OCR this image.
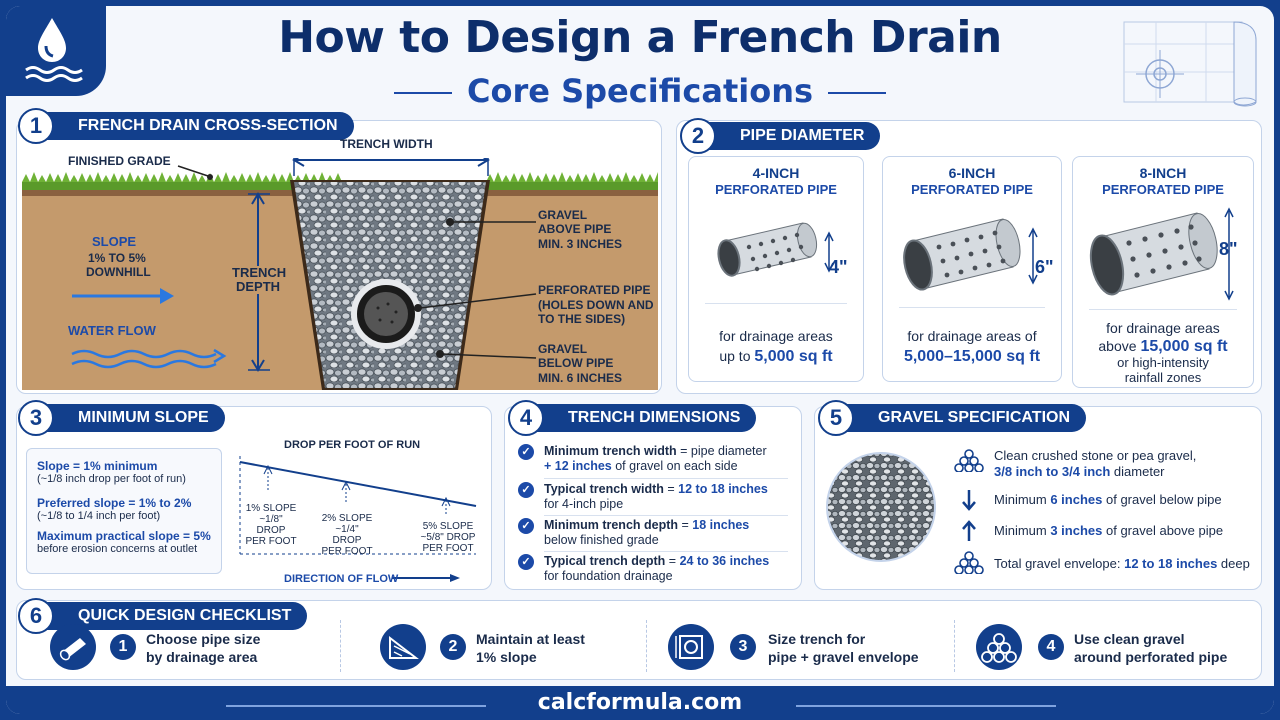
How to Design a French Drain
Core Specifications
FRENCH DRAIN CROSS-SECTION
1
FINISHED GRADE
TRENCH WIDTH
SLOPE
1% TO 5%
DOWNHILL
WATER FLOW
TRENCH
DEPTH
GRAVEL
ABOVE PIPE
MIN. 3 INCHES
PERFORATED PIPE
(HOLES DOWN AND
TO THE SIDES)
GRAVEL
BELOW PIPE
MIN. 6 INCHES
PIPE DIAMETER
2
4-INCH
PERFORATED PIPE
4"
for drainage areas
up to 5,000 sq ft
6-INCH
PERFORATED PIPE
6"
for drainage areas of
5,000–15,000 sq ft
8-INCH
PERFORATED PIPE
8"
for drainage areas
above 15,000 sq ft
or high-intensity rainfall zones
MINIMUM SLOPE
3
Slope = 1% minimum
(~1/8 inch drop per foot of run)
Preferred slope = 1% to 2%
(~1/8 to 1/4 inch per foot)
Maximum practical slope = 5%
before erosion concerns at outlet
DROP PER FOOT OF RUN
1% SLOPE
~1/8" DROP
PER FOOT
2% SLOPE
~1/4" DROP
PER FOOT
5% SLOPE
~5/8" DROP
PER FOOT
DIRECTION OF FLOW
TRENCH DIMENSIONS
4
✓ Minimum trench width = pipe diameter
+ 12 inches of gravel on each side
✓ Typical trench width = 12 to 18 inches
for 4-inch pipe
✓ Minimum trench depth = 18 inches
below finished grade
✓ Typical trench depth = 24 to 36 inches
for foundation drainage
GRAVEL SPECIFICATION
5
Clean crushed stone or pea gravel,
3/8 inch to 3/4 inch diameter
Minimum 6 inches of gravel below pipe
Minimum 3 inches of gravel above pipe
Total gravel envelope: 12 to 18 inches deep
QUICK DESIGN CHECKLIST
6
1	Choose pipe size
by drainage area
2	Maintain at least
1% slope
3	Size trench for
pipe + gravel envelope
4	Use clean gravel
around perforated pipe
calcformula.com
